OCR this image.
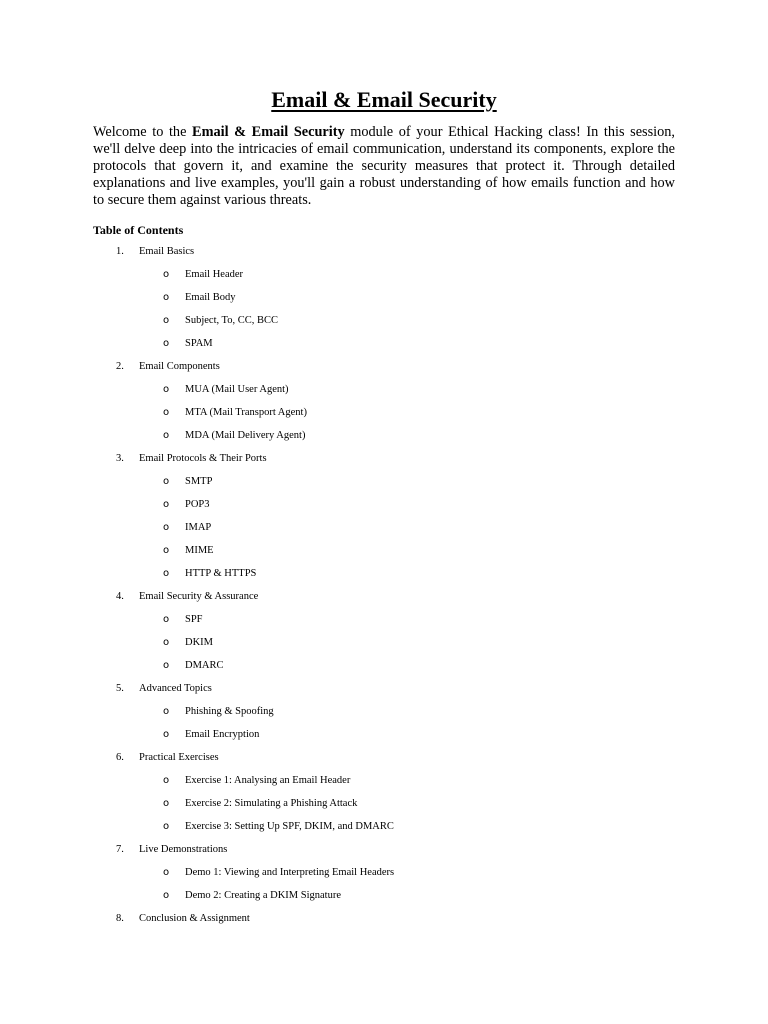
Email & Email Security

Welcome to the Email & Email Security module of your Ethical Hacking class! In this session, we'll delve deep into the intricacies of email communication, understand its components, explore the protocols that govern it, and examine the security measures that protect it. Through detailed explanations and live examples, you'll gain a robust understanding of how emails function and how to secure them against various threats.

Table of Contents
1. Email Basics
o Email Header
o Email Body
o Subject, To, CC, BCC
o SPAM
2. Email Components
o MUA (Mail User Agent)
o MTA (Mail Transport Agent)
o MDA (Mail Delivery Agent)
3. Email Protocols & Their Ports
o SMTP
o POP3
o IMAP
o MIME
o HTTP & HTTPS
4. Email Security & Assurance
o SPF
o DKIM
o DMARC
5. Advanced Topics
o Phishing & Spoofing
o Email Encryption
6. Practical Exercises
o Exercise 1: Analysing an Email Header
o Exercise 2: Simulating a Phishing Attack
o Exercise 3: Setting Up SPF, DKIM, and DMARC
7. Live Demonstrations
o Demo 1: Viewing and Interpreting Email Headers
o Demo 2: Creating a DKIM Signature
8. Conclusion & Assignment
